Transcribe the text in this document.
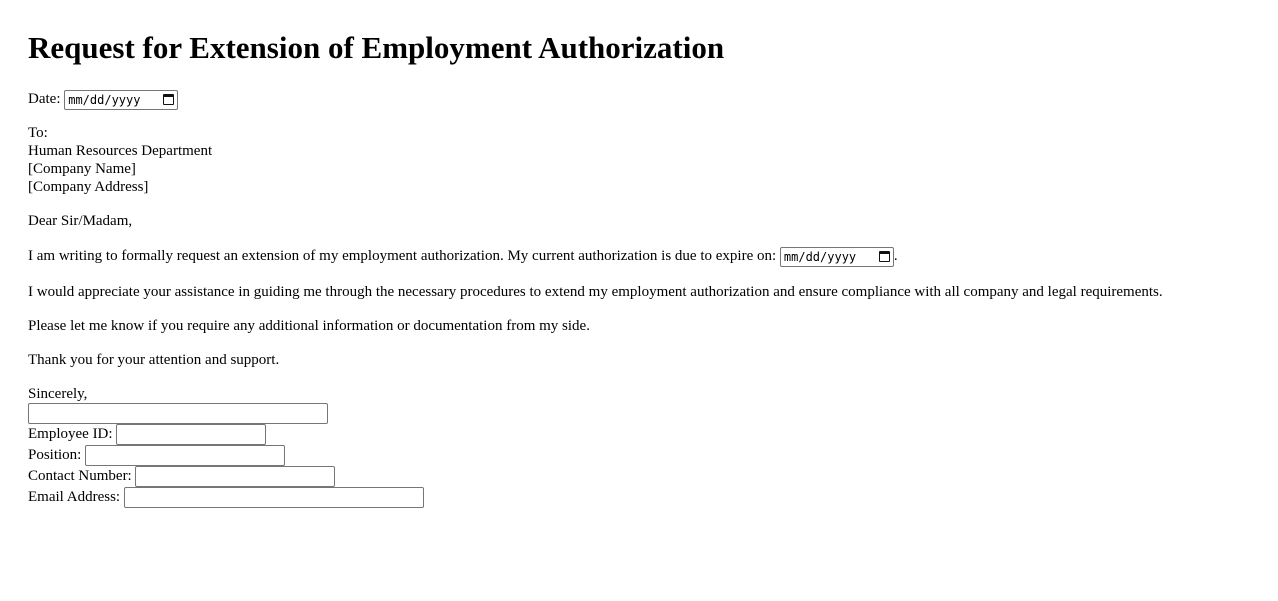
Request for Extension of Employment Authorization
Date: mm/dd/yyyy
To:
Human Resources Department
[Company Name]
[Company Address]
Dear Sir/Madam,
I am writing to formally request an extension of my employment authorization. My current authorization is due to expire on: mm/dd/yyyy	.
I would appreciate your assistance in guiding me through the necessary procedures to extend my employment authorization and ensure compliance with all company and legal requirements.
Please let me know if you require any additional information or documentation from my side.
Thank you for your attention and support.
Sincerely,
Employee ID:
Position:
Contact Number:
Email Address:
